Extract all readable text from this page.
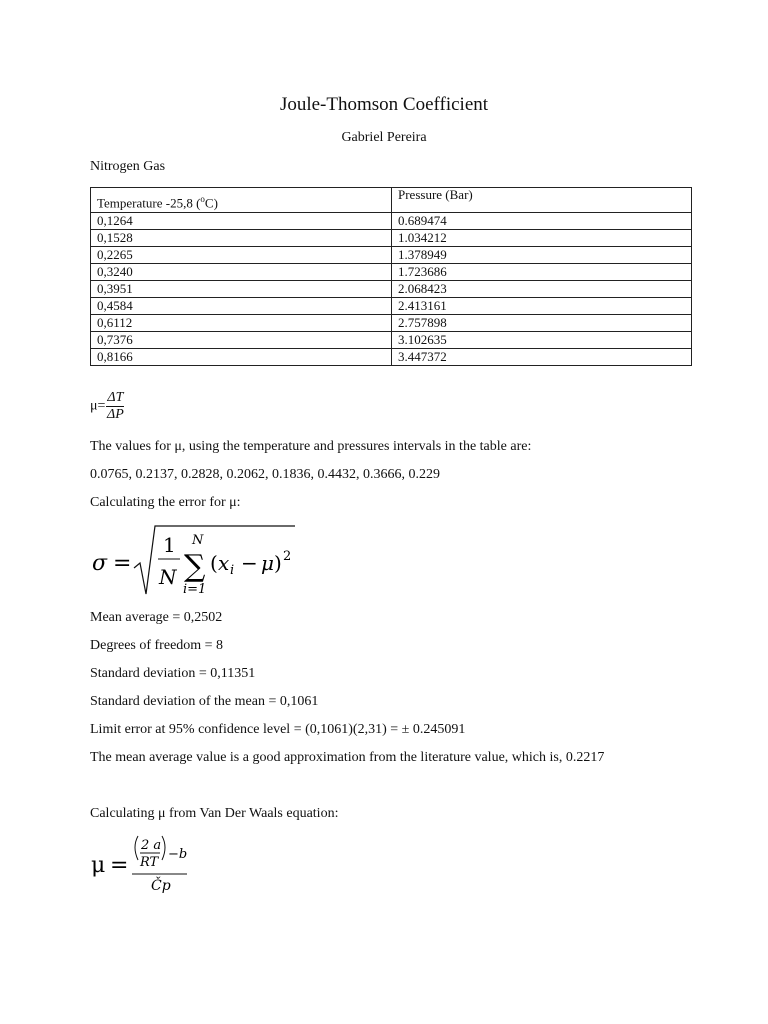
Joule-Thomson Coefficient
Gabriel Pereira
Nitrogen Gas
Temperature -25,8 ($^o$C)	Pressure (Bar)
0,1264	0.689474
0,1528	1.034212
0,2265	1.378949
0,3240	1.723686
0,3951	2.068423
0,4584	2.413161
0,6112	2.757898
0,7376	3.102635
0,8166	3.447372
$\mu= \frac{\Delta T}{\Delta P}$
The values for μ, using the temperature and pressures intervals in the table are:
0.0765, 0.2137, 0.2828, 0.2062, 0.1836, 0.4432, 0.3666, 0.229
Calculating the error for μ:
σ =
1
N
N
∑
i=1
( x i − μ ) 2
Mean average = 0,2502
Degrees of freedom = 8
Standard deviation = 0,11351
Standard deviation of the mean = 0,1061
Limit error at 95% confidence level = (0,1061)(2,31) = ± 0.245091
The mean average value is a good approximation from the literature value, which is, 0.2217
Calculating μ from Van Der Waals equation:
μ =
2 a
RT
−b
Čp
